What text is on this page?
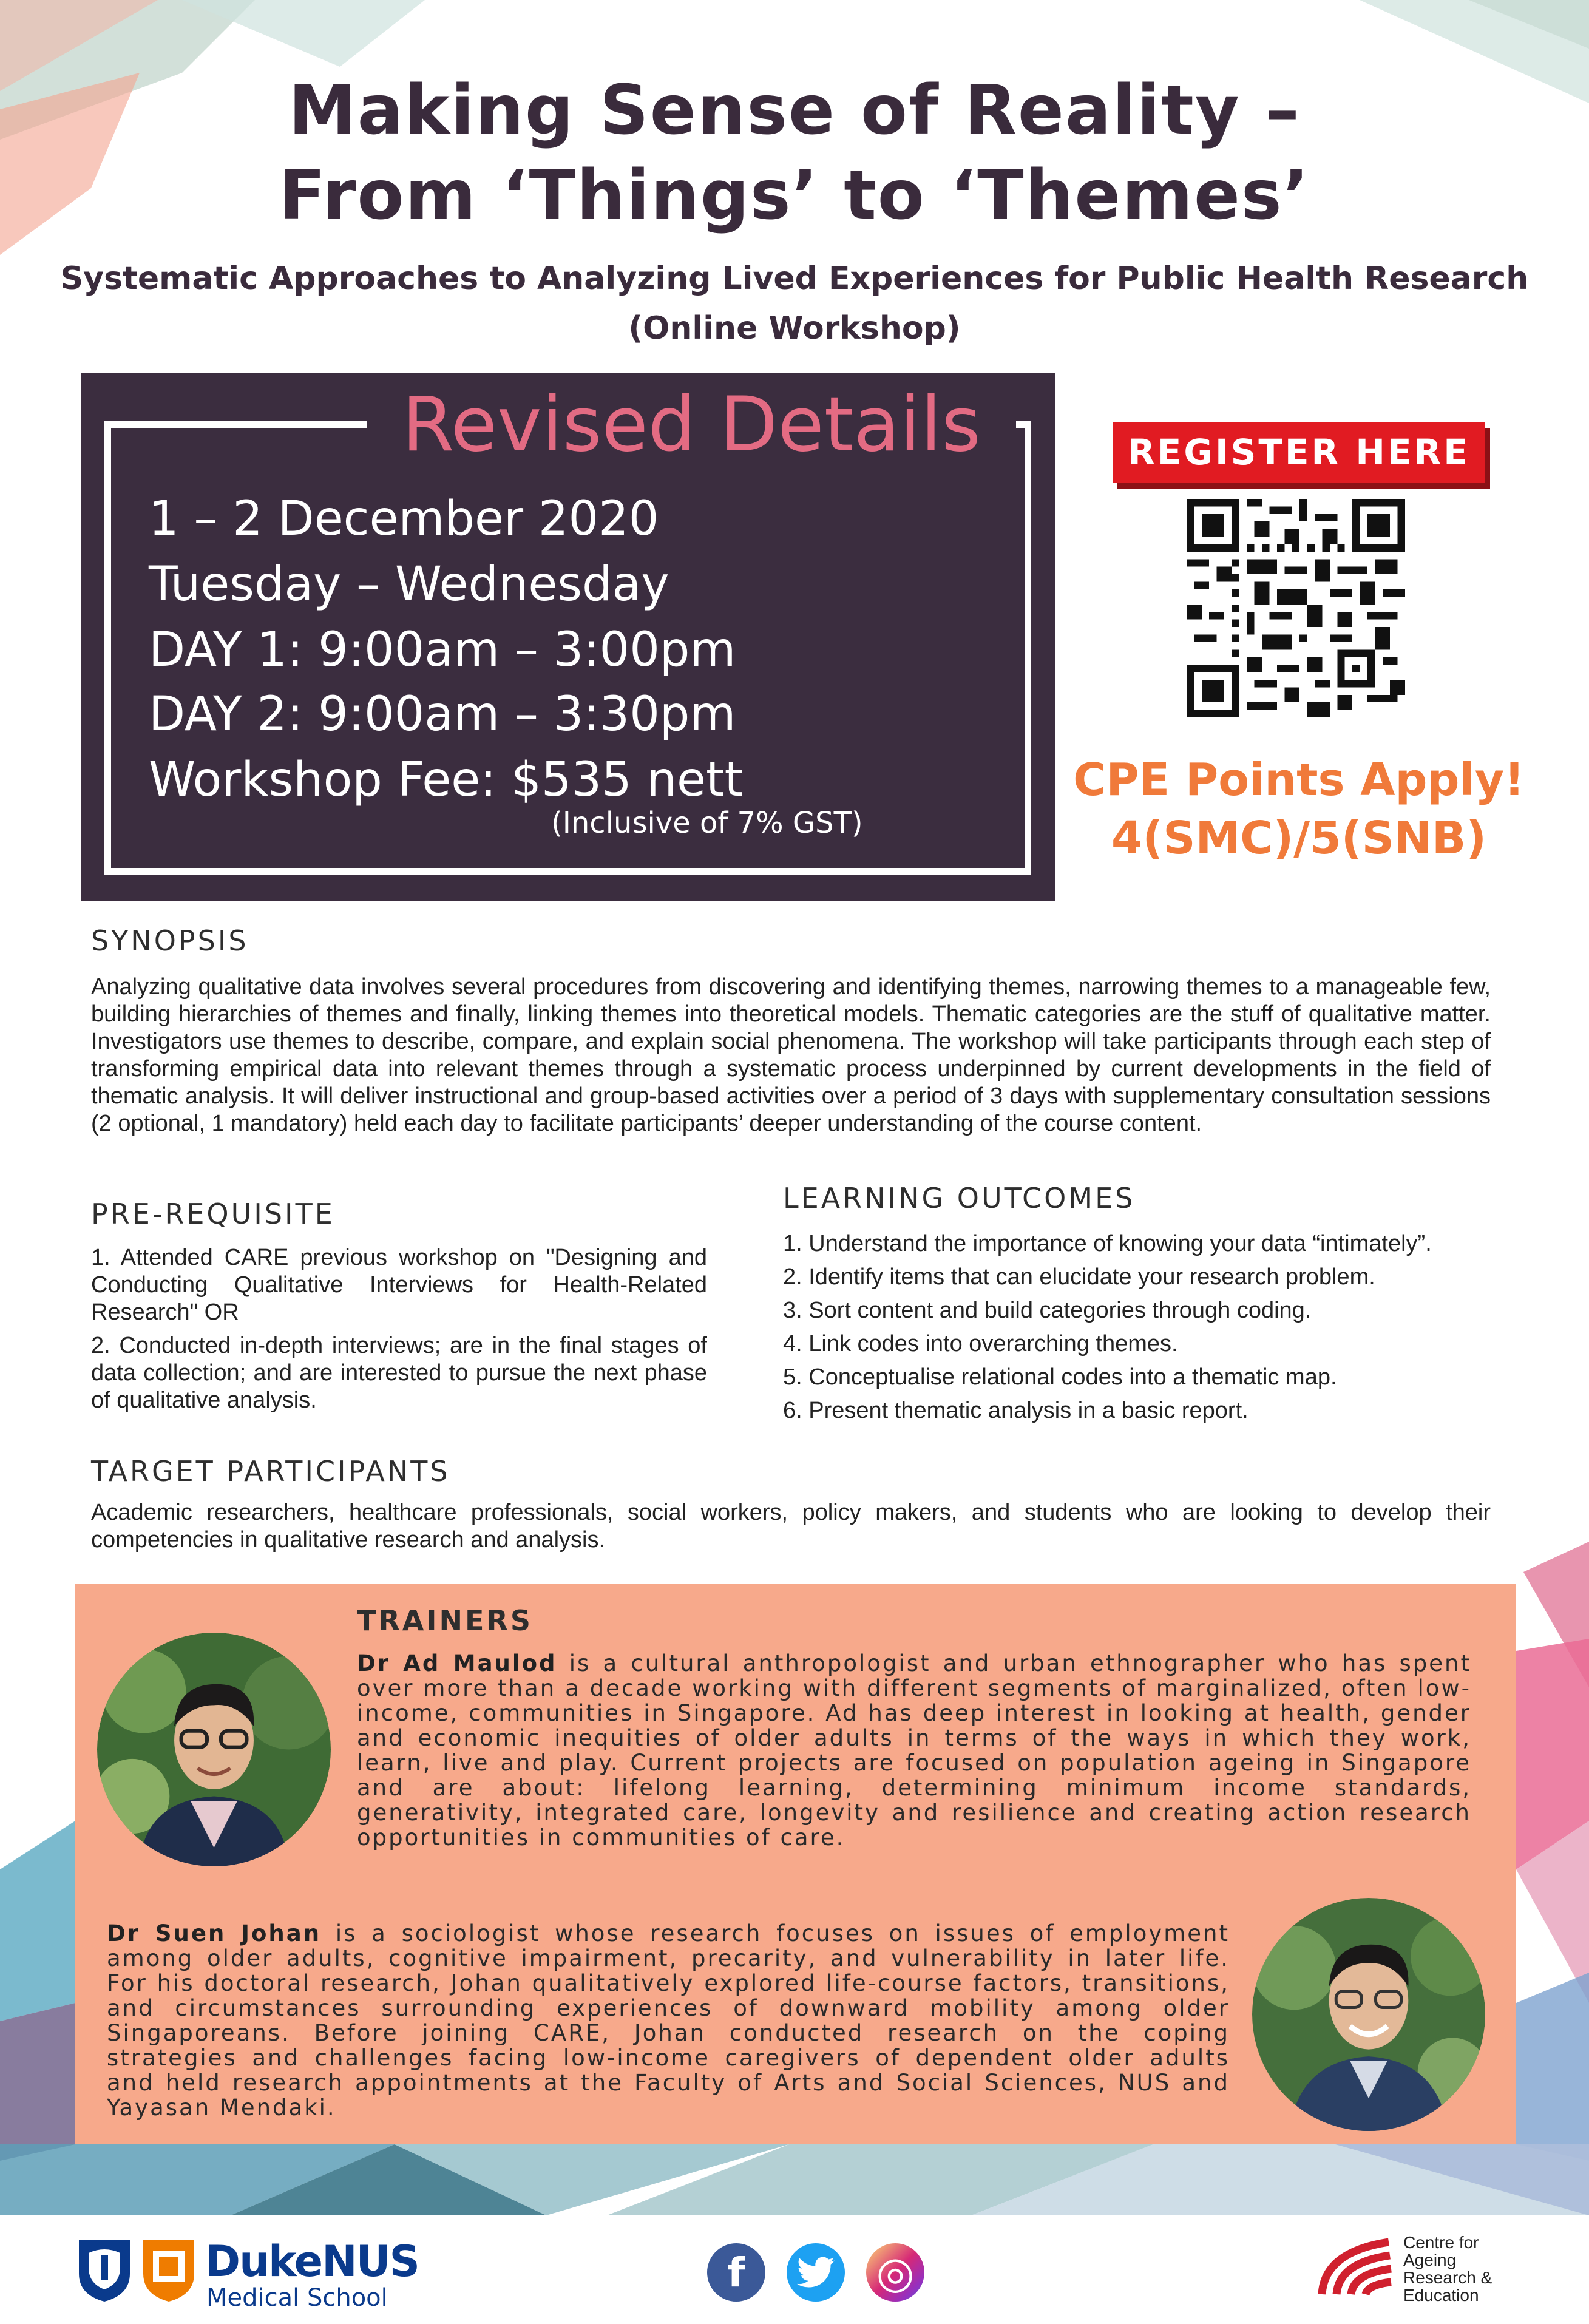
Making Sense of Reality –
From ‘Things’ to ‘Themes’
Systematic Approaches to Analyzing Lived Experiences for Public Health Research
(Online Workshop)
Revised Details
1 – 2 December 2020
Tuesday – Wednesday
DAY 1: 9:00am – 3:00pm
DAY 2: 9:00am – 3:30pm
Workshop Fee: $535 nett
(Inclusive of 7% GST)
REGISTER HERE
CPE Points Apply!
4(SMC)/5(SNB)
SYNOPSIS
Analyzing qualitative data involves several procedures from discovering and identifying themes, narrowing themes to a manageable few, building hierarchies of themes and finally, linking themes into theoretical models. Thematic categories are the stuff of qualitative matter. Investigators use themes to describe, compare, and explain social phenomena. The workshop will take participants through each step of transforming empirical data into relevant themes through a systematic process underpinned by current developments in the field of thematic analysis. It will deliver instructional and group-based activities over a period of 3 days with supplementary consultation sessions (2 optional, 1 mandatory) held each day to facilitate participants’ deeper understanding of the course content.
PRE-REQUISITE
1. Attended CARE previous workshop on "Designing and Conducting Qualitative Interviews for Health-Related Research" OR
2. Conducted in-depth interviews; are in the final stages of data collection; and are interested to pursue the next phase of qualitative analysis.
LEARNING OUTCOMES
1. Understand the importance of knowing your data “intimately”.
2. Identify items that can elucidate your research problem.
3. Sort content and build categories through coding.
4. Link codes into overarching themes.
5. Conceptualise relational codes into a thematic map.
6. Present thematic analysis in a basic report.
TARGET PARTICIPANTS
Academic researchers, healthcare professionals, social workers, policy makers, and students who are looking to develop their competencies in qualitative research and analysis.
TRAINERS
Dr Ad Maulod is a cultural anthropologist and urban ethnographer who has spent over more than a decade working with different segments of marginalized, often low-income, communities in Singapore. Ad has deep interest in looking at health, gender and economic inequities of older adults in terms of the ways in which they work, learn, live and play. Current projects are focused on population ageing in Singapore and are about: lifelong learning, determining minimum income standards, generativity, integrated care, longevity and resilience and creating action research opportunities in communities of care.
Dr Suen Johan is a sociologist whose research focuses on issues of employment among older adults, cognitive impairment, precarity, and vulnerability in later life. For his doctoral research, Johan qualitatively explored life-course factors, transitions, and circumstances surrounding experiences of downward mobility among older Singaporeans. Before joining CARE, Johan conducted research on the coping strategies and challenges facing low-income caregivers of dependent older adults and held research appointments at the Faculty of Arts and Social Sciences, NUS and Yayasan Mendaki.
DukeNUS
Medical School
f	◎
Centre for
Ageing
Research &
Education
